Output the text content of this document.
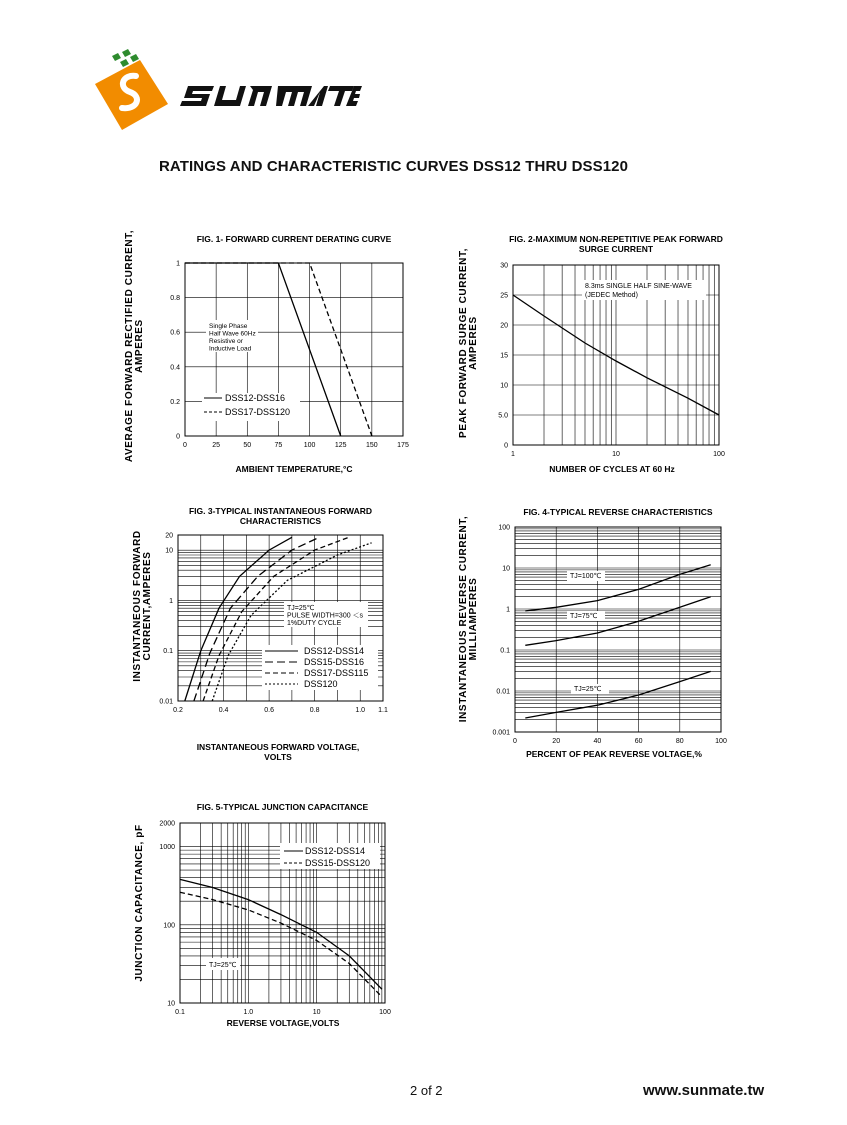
RATINGS AND CHARACTERISTIC CURVES DSS12 THRU DSS120
FIG. 1- FORWARD CURRENT DERATING CURVE
0	25	50	75	100	125	150	175
0
0.2
0.4
0.6
0.8
1
AMBIENT TEMPERATURE,°C
AVERAGE FORWARD RECTIFIED CURRENT, AMPERES	Single Phase
Half Wave 60Hz
Resistive or
Inductive Load
DSS12-DSS16
DSS17-DSS120
FIG. 2-MAXIMUM NON-REPETITIVE PEAK FORWARD
SURGE CURRENT
1	10	100
0
5.0
10
15
20
25
30
NUMBER OF CYCLES AT 60 Hz
PEAK FORWARD SURGE CURRENT, AMPERES
8.3ms SINGLE HALF SINE-WAVE
(JEDEC Method)
FIG. 3-TYPICAL INSTANTANEOUS FORWARD
CHARACTERISTICS
0.2	0.4	0.6	0.8	1.0 1.1
0.01
0.1
1
10
20
INSTANTANEOUS FORWARD VOLTAGE,
VOLTS
INSTANTANEOUS FORWARD CURRENT,AMPERES	TJ=25℃
PULSE WIDTH=300 ＜s
1%DUTY CYCLE
DSS12-DSS14
DSS15-DSS16
DSS17-DSS115
DSS120
FIG. 4-TYPICAL REVERSE CHARACTERISTICS
0	20	40	60	80	100
0.001
0.01
0.1
1
10
100
PERCENT OF PEAK REVERSE VOLTAGE,%
INSTANTANEOUS REVERSE CURRENT, MILLIAMPERES
TJ=100℃
TJ=75℃
TJ=25℃
FIG. 5-TYPICAL JUNCTION CAPACITANCE
0.1	1.0	10	100
10
100
1000
2000
REVERSE VOLTAGE,VOLTS
JUNCTION CAPACITANCE, pF	TJ=25℃
DSS12-DSS14
DSS15-DSS120
2 of 2	www.sunmate.tw
